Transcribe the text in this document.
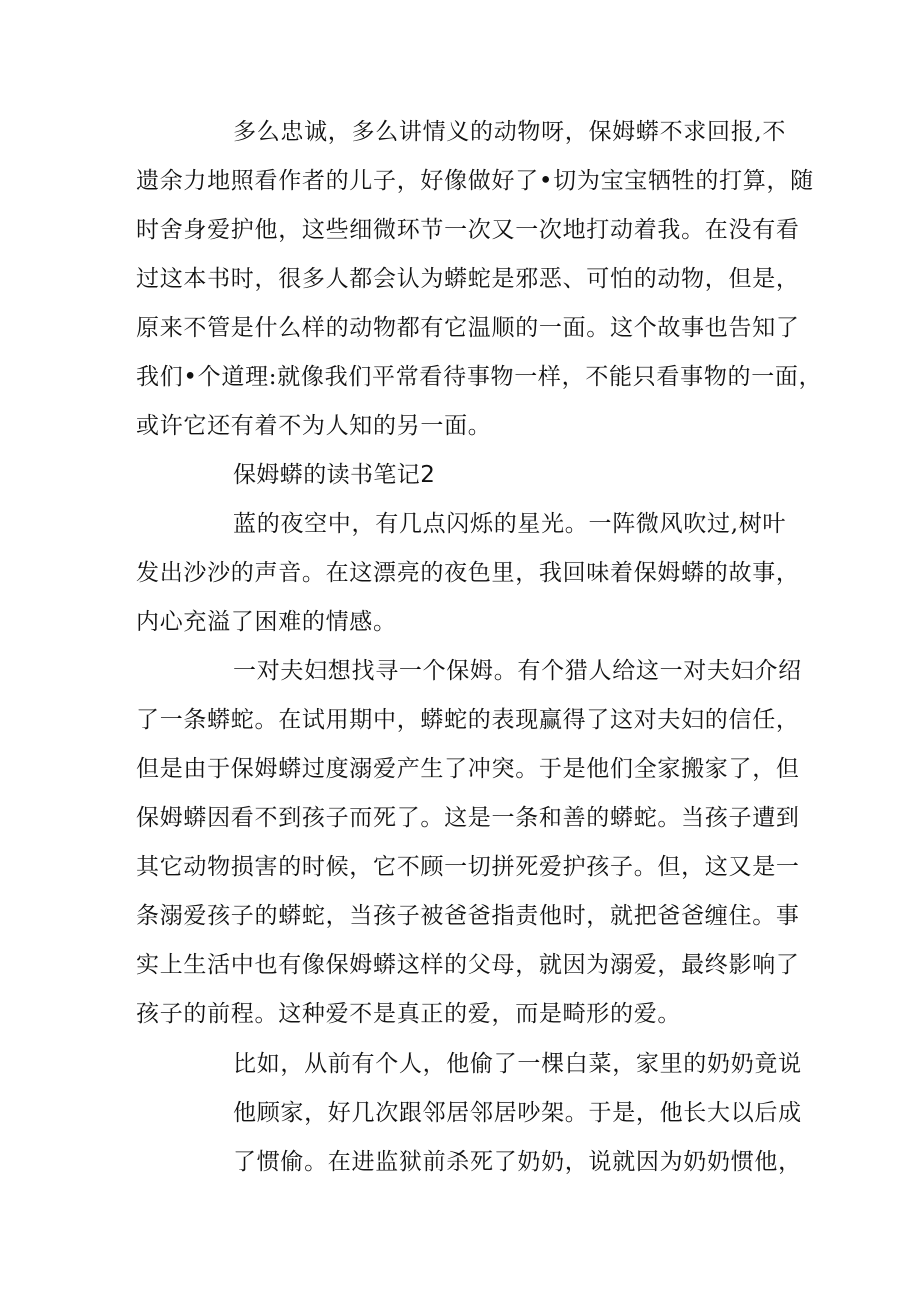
多么忠诚，多么讲情义的动物呀，保姆蟒不求回报,不
遗余力地照看作者的儿子，好像做好了•切为宝宝牺牲的打算，随
时舍身爱护他，这些细微环节一次又一次地打动着我。在没有看
过这本书时，很多人都会认为蟒蛇是邪恶、可怕的动物，但是，
原来不管是什么样的动物都有它温顺的一面。这个故事也告知了
我们•个道理:就像我们平常看待事物一样，不能只看事物的一面，
或许它还有着不为人知的另一面。
保姆蟒的读书笔记2
蓝的夜空中，有几点闪烁的星光。一阵微风吹过,树叶
发出沙沙的声音。在这漂亮的夜色里，我回味着保姆蟒的故事，
内心充溢了困难的情感。
一对夫妇想找寻一个保姆。有个猎人给这一对夫妇介绍
了一条蟒蛇。在试用期中，蟒蛇的表现赢得了这对夫妇的信任，
但是由于保姆蟒过度溺爱产生了冲突。于是他们全家搬家了，但
保姆蟒因看不到孩子而死了。这是一条和善的蟒蛇。当孩子遭到
其它动物损害的时候，它不顾一切拼死爱护孩子。但，这又是一
条溺爱孩子的蟒蛇，当孩子被爸爸指责他时，就把爸爸缠住。事
实上生活中也有像保姆蟒这样的父母，就因为溺爱，最终影响了
孩子的前程。这种爱不是真正的爱，而是畸形的爱。
比如，从前有个人，他偷了一棵白菜，家里的奶奶竟说
他顾家，好几次跟邻居邻居吵架。于是，他长大以后成
了惯偷。在进监狱前杀死了奶奶，说就因为奶奶惯他，
